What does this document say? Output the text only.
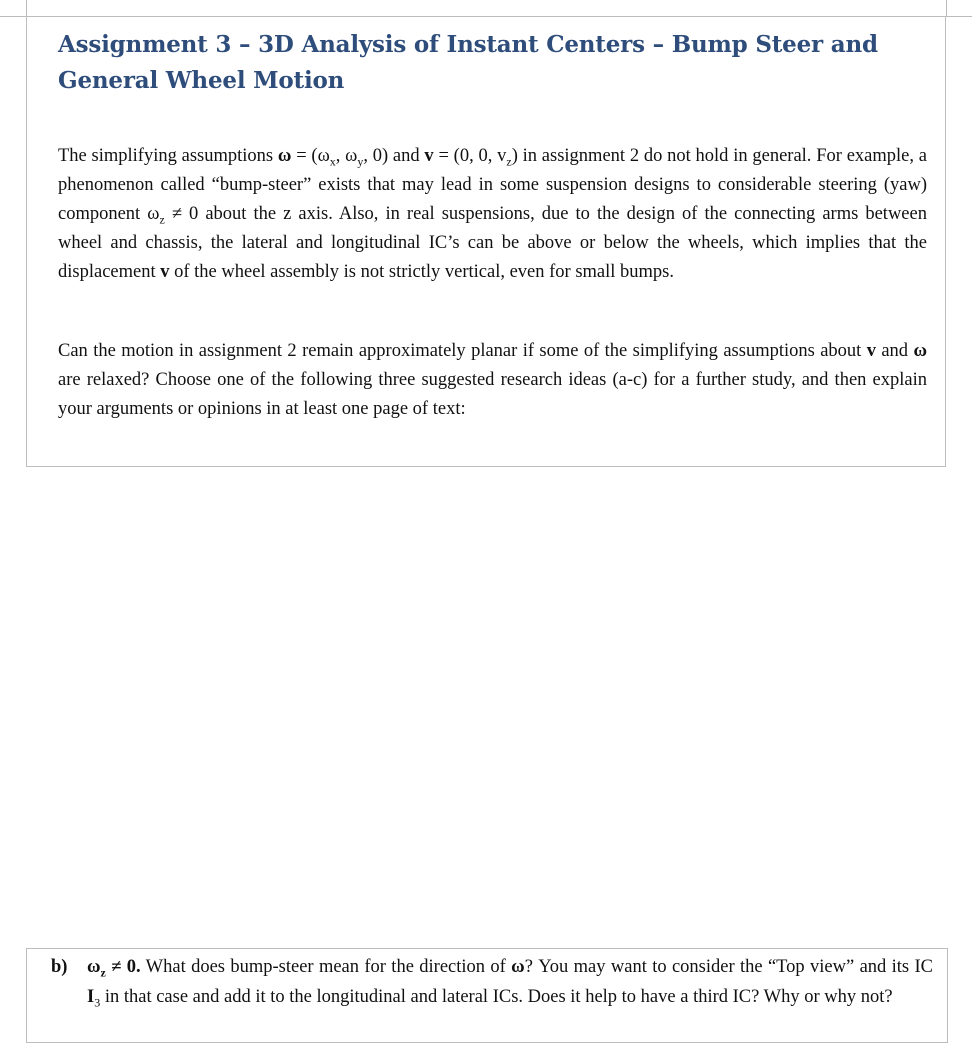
Assignment 3 – 3D Analysis of Instant Centers – Bump Steer and General Wheel Motion

The simplifying assumptions $\omega = (\omega_x$, $\omega_y$, 0) and v = (0, 0, $v_z$) in assignment 2 do not hold in general. For example, a phenomenon called “bump-steer” exists that may lead in some suspension designs to considerable steering (yaw) component $\omega_z \ne 0$ about the z axis. Also, in real suspensions, due to the design of the connecting arms between wheel and chassis, the lateral and longitudinal IC’s can be above or below the wheels, which implies that the displacement v of the wheel assembly is not strictly vertical, even for small bumps.

Can the motion in assignment 2 remain approximately planar if some of the simplifying assumptions about v and ω are relaxed? Choose one of the following three suggested research ideas (a-c) for a further study, and then explain your arguments or opinions in at least one page of text:

b) $\omega_z \ne 0$. What does bump-steer mean for the direction of ω? You may want to consider the “Top view” and its IC $I_3$ in that case and add it to the longitudinal and lateral ICs. Does it help to have a third IC? Why or why not?
